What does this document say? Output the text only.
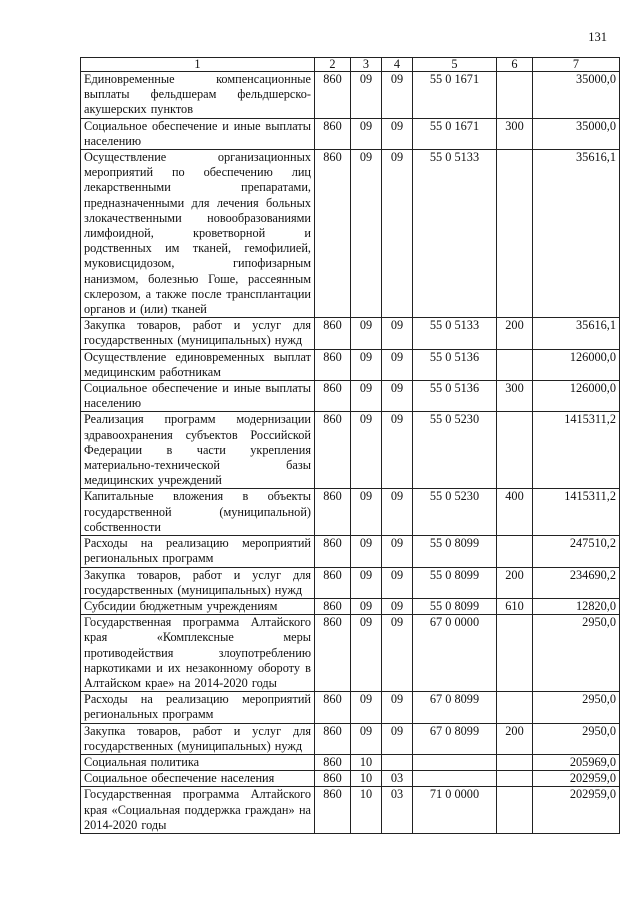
131
1	2	3	4	5	6	7
Единовременные компенсационные выплаты фельдшерам фельдшерско-акушерских пунктов	860	09	09	55 0 1671		35000,0
Социальное обеспечение и иные выплаты населению	860	09	09	55 0 1671	300	35000,0
Осуществление организационных мероприятий по обеспечению лиц лекарственными препаратами, предназначенными для лечения больных злокачественными новообразованиями лимфоидной, кроветворной и родственных им тканей, гемофилией, муковисцидозом, гипофизарным нанизмом, болезнью Гоше, рассеянным склерозом, а также после трансплантации органов и (или) тканей	860	09	09	55 0 5133		35616,1
Закупка товаров, работ и услуг для государственных (муниципальных) нужд	860	09	09	55 0 5133	200	35616,1
Осуществление единовременных выплат медицинским работникам	860	09	09	55 0 5136		126000,0
Социальное обеспечение и иные выплаты населению	860	09	09	55 0 5136	300	126000,0
Реализация программ модернизации здравоохранения субъектов Российской Федерации в части укрепления материально-технической базы медицинских учреждений	860	09	09	55 0 5230		1415311,2
Капитальные вложения в объекты государственной (муниципальной) собственности	860	09	09	55 0 5230	400	1415311,2
Расходы на реализацию мероприятий региональных программ	860	09	09	55 0 8099		247510,2
Закупка товаров, работ и услуг для государственных (муниципальных) нужд	860	09	09	55 0 8099	200	234690,2
Субсидии бюджетным учреждениям	860	09	09	55 0 8099	610	12820,0
Государственная программа Алтайского края «Комплексные меры противодействия злоупотреблению наркотиками и их незаконному обороту в Алтайском крае» на 2014-2020 годы	860	09	09	67 0 0000		2950,0
Расходы на реализацию мероприятий региональных программ	860	09	09	67 0 8099		2950,0
Закупка товаров, работ и услуг для государственных (муниципальных) нужд	860	09	09	67 0 8099	200	2950,0
Социальная политика	860	10				205969,0
Социальное обеспечение населения	860	10	03			202959,0
Государственная программа Алтайского края «Социальная поддержка граждан» на 2014-2020 годы	860	10	03	71 0 0000		202959,0
